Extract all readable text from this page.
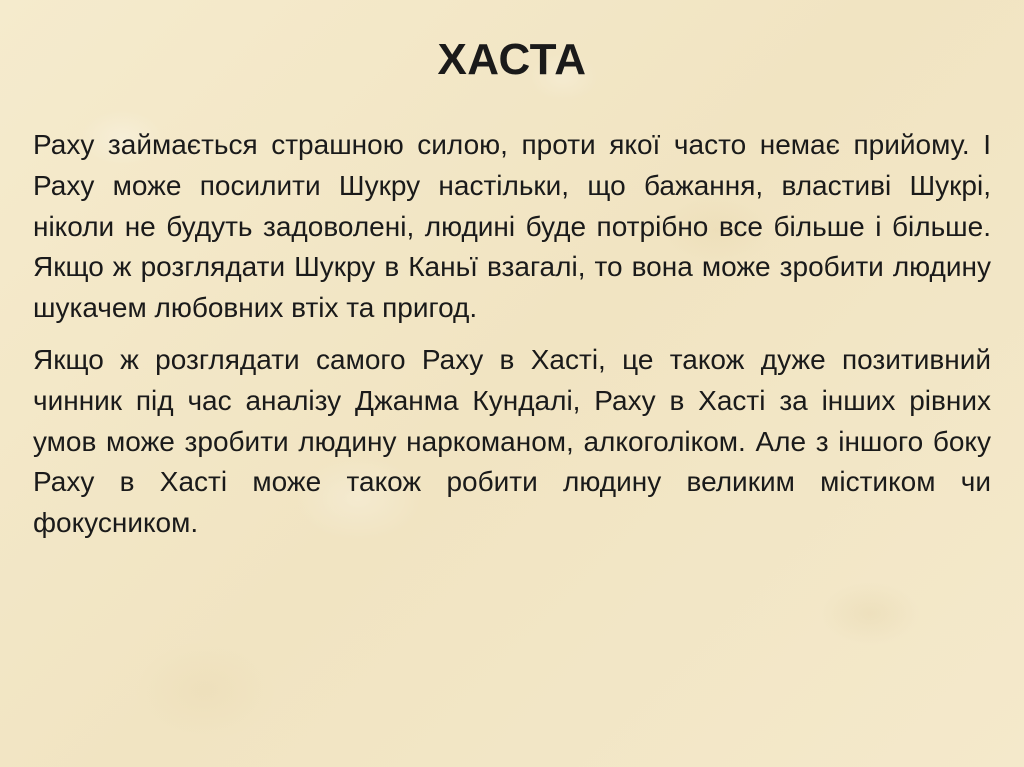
ХАСТА

Раху займається страшною силою, проти якої часто немає прийому. І Раху може посилити Шукру настільки, що бажання, властиві Шукрі, ніколи не будуть задоволені, людині буде потрібно все більше і більше. Якщо ж розглядати Шукру в Каньї взагалі, то вона може зробити людину шукачем любовних втіх та пригод.

Якщо ж розглядати самого Раху в Хасті, це також дуже позитивний чинник під час аналізу Джанма Кундалі, Раху в Хасті за інших рівних умов може зробити людину наркоманом, алкоголіком. Але з іншого боку Раху в Хасті може також робити людину великим містиком чи фокусником.
